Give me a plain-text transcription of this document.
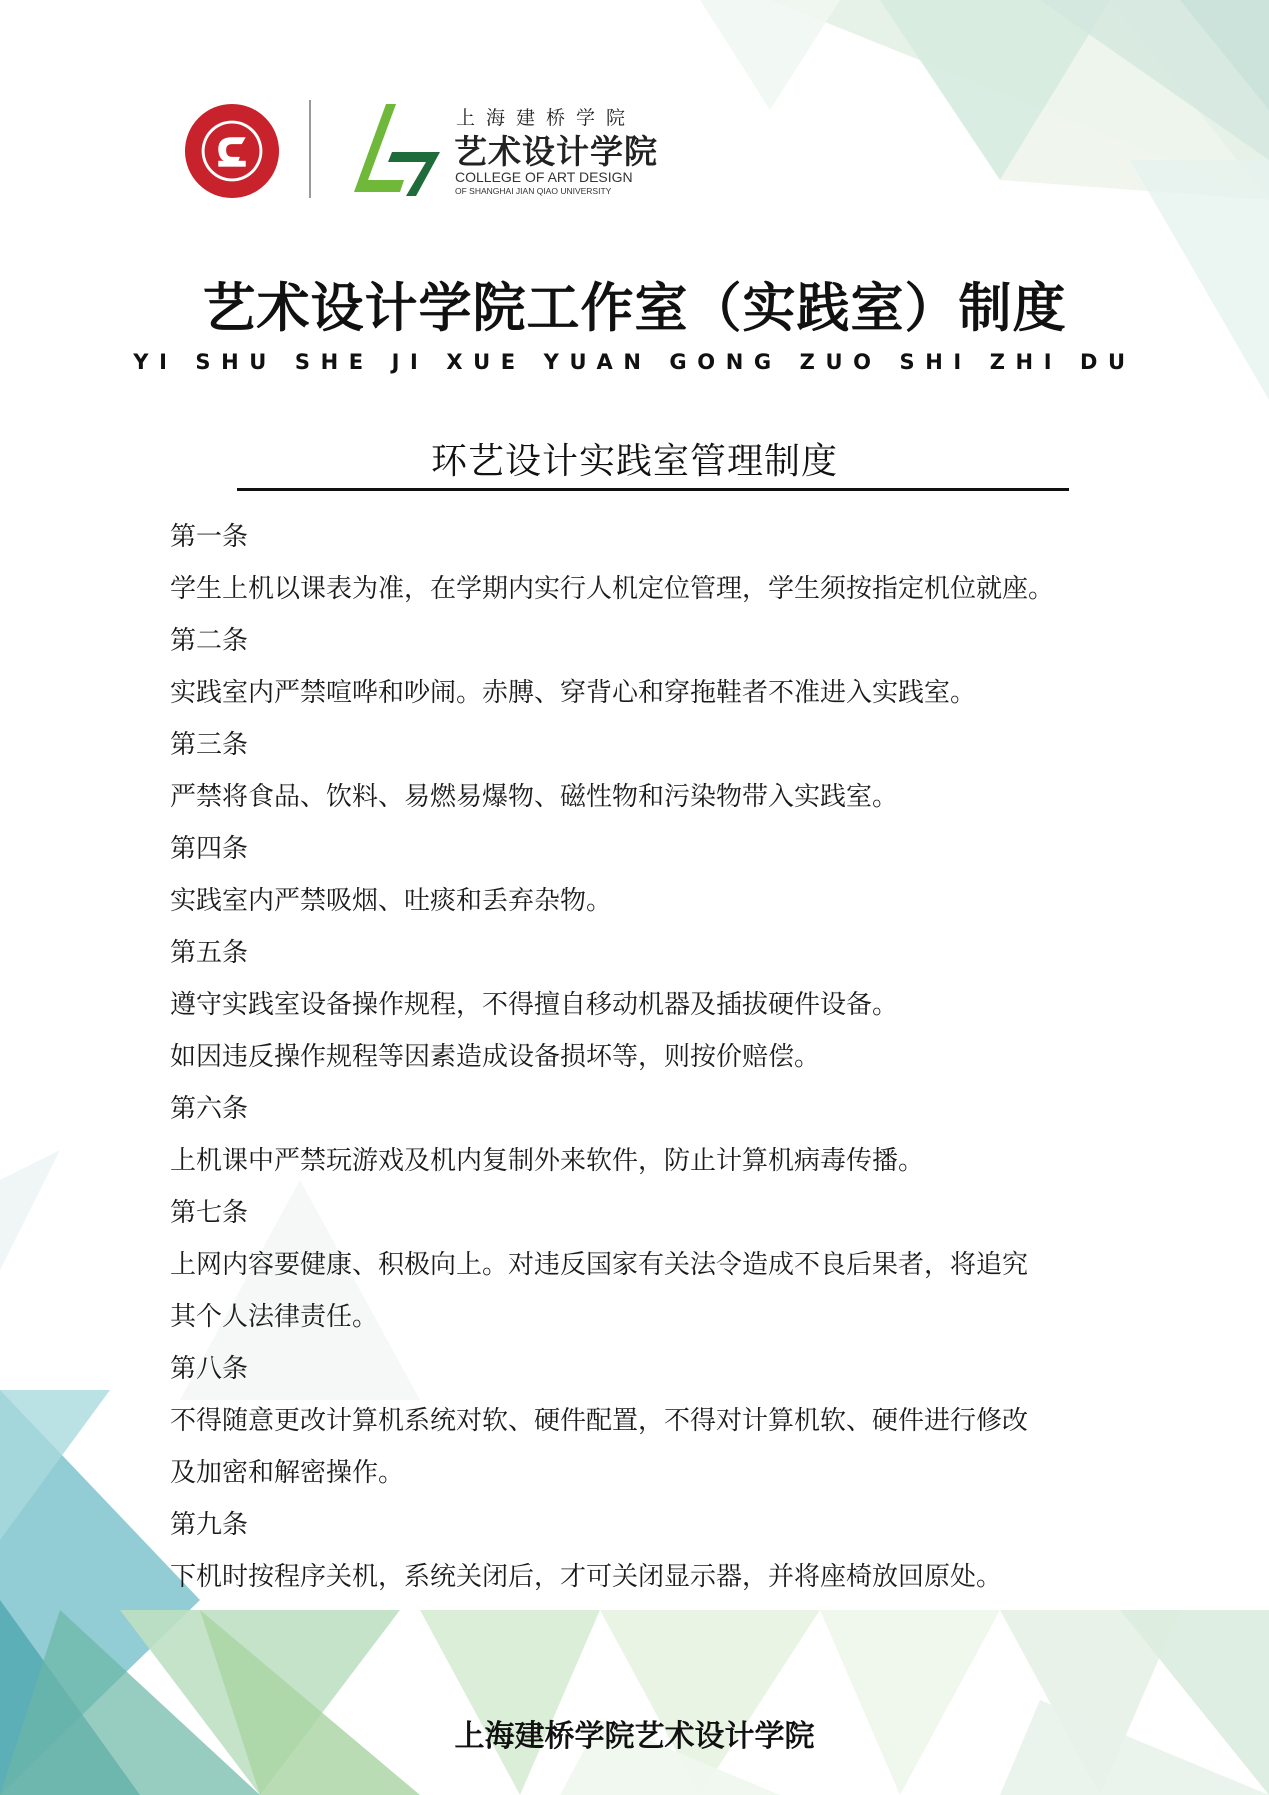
上海建桥学院
艺术设计学院
COLLEGE OF ART DESIGN
OF SHANGHAI JIAN QIAO UNIVERSITY
艺术设计学院工作室（实践室）制度
YI SHU SHE JI XUE YUAN GONG ZUO SHI ZHI DU
环艺设计实践室管理制度
第一条
学生上机以课表为准，在学期内实行人机定位管理，学生须按指定机位就座。
第二条
实践室内严禁喧哗和吵闹。赤膊、穿背心和穿拖鞋者不准进入实践室。
第三条
严禁将食品、饮料、易燃易爆物、磁性物和污染物带入实践室。
第四条
实践室内严禁吸烟、吐痰和丢弃杂物。
第五条
遵守实践室设备操作规程，不得擅自移动机器及插拔硬件设备。
如因违反操作规程等因素造成设备损坏等，则按价赔偿。
第六条
上机课中严禁玩游戏及机内复制外来软件，防止计算机病毒传播。
第七条
上网内容要健康、积极向上。对违反国家有关法令造成不良后果者，将追究
其个人法律责任。
第八条
不得随意更改计算机系统对软、硬件配置，不得对计算机软、硬件进行修改
及加密和解密操作。
第九条
下机时按程序关机，系统关闭后，才可关闭显示器，并将座椅放回原处。
上海建桥学院艺术设计学院
